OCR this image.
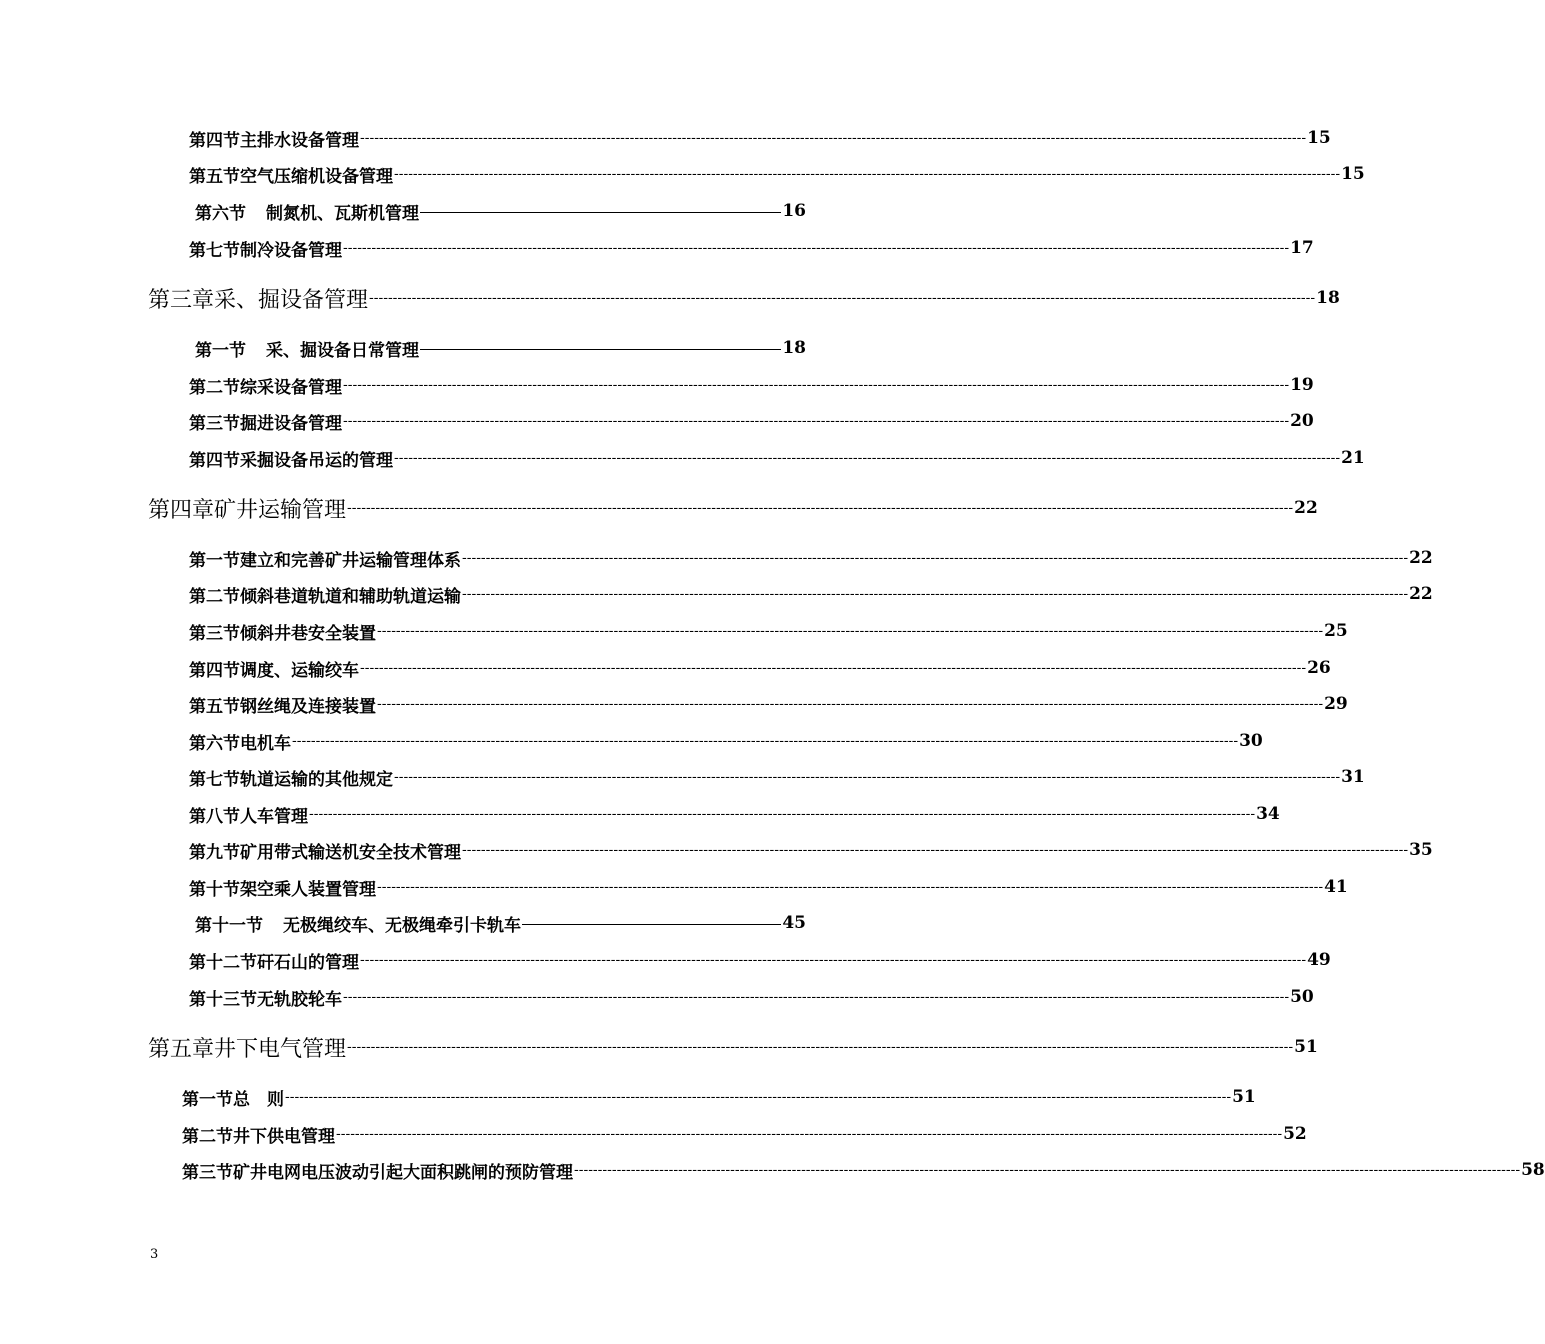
第四节 主排水设备管理 -------------------------------------------------------------------------------------------------------------------------------------------------------------------------------------------------------- 15
第五节 空气压缩机设备管理 -------------------------------------------------------------------------------------------------------------------------------------------------------------------------------------------------------- 15
第六节 制氮机、瓦斯机管理	16
第七节 制冷设备管理 -------------------------------------------------------------------------------------------------------------------------------------------------------------------------------------------------------- 17
第三章 采、掘设备管理 -------------------------------------------------------------------------------------------------------------------------------------------------------------------------------------------------------- 18
第一节 采、掘设备日常管理	18
第二节 综采设备管理 -------------------------------------------------------------------------------------------------------------------------------------------------------------------------------------------------------- 19
第三节 掘进设备管理 -------------------------------------------------------------------------------------------------------------------------------------------------------------------------------------------------------- 20
第四节 采掘设备吊运的管理 -------------------------------------------------------------------------------------------------------------------------------------------------------------------------------------------------------- 21
第四章 矿井运输管理 -------------------------------------------------------------------------------------------------------------------------------------------------------------------------------------------------------- 22
第一节 建立和完善矿井运输管理体系 -------------------------------------------------------------------------------------------------------------------------------------------------------------------------------------------------------- 22
第二节 倾斜巷道轨道和辅助轨道运输 -------------------------------------------------------------------------------------------------------------------------------------------------------------------------------------------------------- 22
第三节 倾斜井巷安全装置 -------------------------------------------------------------------------------------------------------------------------------------------------------------------------------------------------------- 25
第四节 调度、运输绞车 -------------------------------------------------------------------------------------------------------------------------------------------------------------------------------------------------------- 26
第五节 钢丝绳及连接装置 -------------------------------------------------------------------------------------------------------------------------------------------------------------------------------------------------------- 29
第六节 电机车 -------------------------------------------------------------------------------------------------------------------------------------------------------------------------------------------------------- 30
第七节 轨道运输的其他规定 -------------------------------------------------------------------------------------------------------------------------------------------------------------------------------------------------------- 31
第八节 人车管理 -------------------------------------------------------------------------------------------------------------------------------------------------------------------------------------------------------- 34
第九节 矿用带式输送机安全技术管理 -------------------------------------------------------------------------------------------------------------------------------------------------------------------------------------------------------- 35
第十节 架空乘人装置管理 -------------------------------------------------------------------------------------------------------------------------------------------------------------------------------------------------------- 41
第十一节 无极绳绞车、无极绳牵引卡轨车	45
第十二节 矸石山的管理 -------------------------------------------------------------------------------------------------------------------------------------------------------------------------------------------------------- 49
第十三节 无轨胶轮车 -------------------------------------------------------------------------------------------------------------------------------------------------------------------------------------------------------- 50
第五章 井下电气管理 -------------------------------------------------------------------------------------------------------------------------------------------------------------------------------------------------------- 51
第一节 总　则 -------------------------------------------------------------------------------------------------------------------------------------------------------------------------------------------------------- 51
第二节 井下供电管理 -------------------------------------------------------------------------------------------------------------------------------------------------------------------------------------------------------- 52
第三节 矿井电网电压波动引起大面积跳闸的预防管理 -------------------------------------------------------------------------------------------------------------------------------------------------------------------------------------------------------- 58
3
